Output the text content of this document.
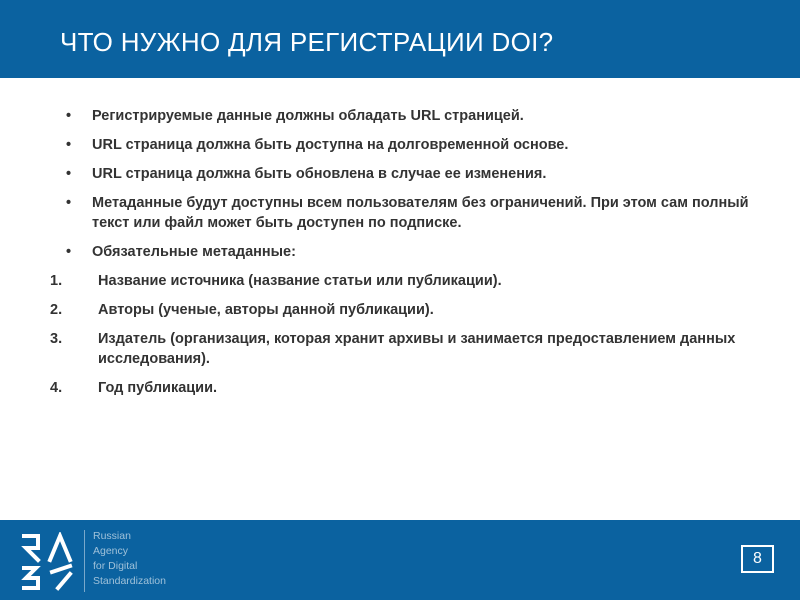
ЧТО НУЖНО ДЛЯ РЕГИСТРАЦИИ DOI?
• Регистрируемые данные должны обладать URL страницей.
• URL страница должна быть доступна на долговременной основе.
• URL страница должна быть обновлена в случае ее изменения.
• Метаданные будут доступны всем пользователям без ограничений. При этом сам полный текст или файл может быть доступен по подписке.
• Обязательные метаданные:
1. Название источника (название статьи или публикации).
2. Авторы (ученые, авторы данной публикации).
3. Издатель (организация, которая хранит архивы и занимается предоставлением данных исследования).
4. Год публикации.
Russian
Agency
for Digital
Standardization
8
